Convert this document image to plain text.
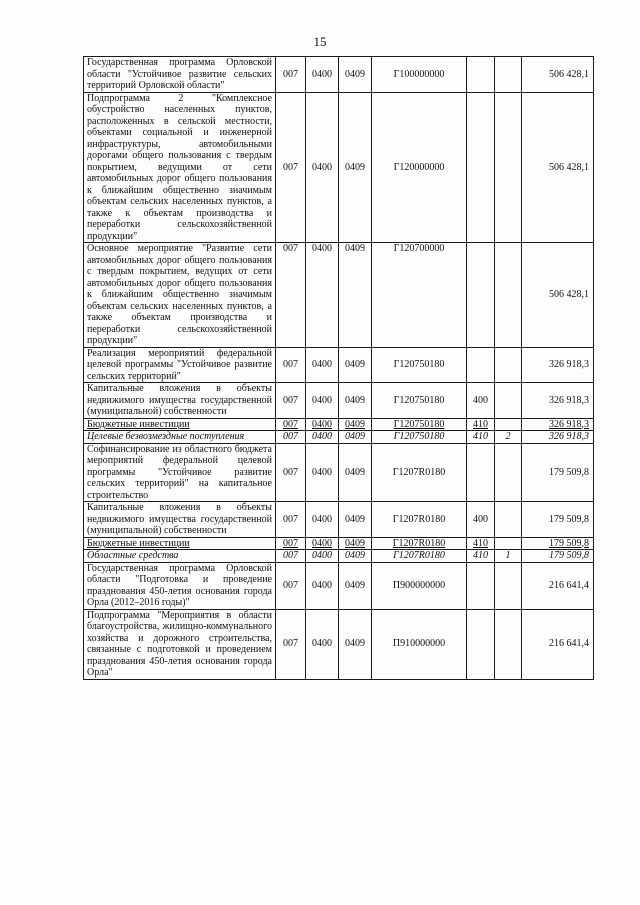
15
Государственная программа Орловской области "Устойчивое развитие сельских территорий Орловской области"	007	0400	0409	Г100000000			506 428,1
Подпрограмма 2 "Комплексное обустройство населенных пунктов, расположенных в сельской местности, объектами социальной и инженерной инфраструктуры, автомобильными дорогами общего пользования с твердым покрытием, ведущими от сети автомобильных дорог общего пользования к ближайшим общественно значимым объектам сельских населенных пунктов, а также к объектам производства и переработки сельскохозяйственной продукции"	007	0400	0409	Г120000000			506 428,1
Основное мероприятие "Развитие сети автомобильных дорог общего пользования с твердым покрытием, ведущих от сети автомобильных дорог общего пользования к ближайшим общественно значимым объектам сельских населенных пунктов, а также объектам производства и переработки сельскохозяйственной продукции"	007	0400	0409	Г120700000			506 428,1
Реализация мероприятий федеральной целевой программы "Устойчивое развитие сельских территорий"	007	0400	0409	Г120750180			326 918,3
Капитальные вложения в объекты недвижимого имущества государственной (муниципальной) собственности	007	0400	0409	Г120750180	400		326 918,3
Бюджетные инвестиции	007	0400	0409	Г120750180	410		326 918,3
Целевые безвозмездные поступления	007	0400	0409	Г120750180	410	2	326 918,3
Софинансирование из областного бюджета мероприятий федеральной целевой программы "Устойчивое развитие сельских территорий" на капитальное строительство	007	0400	0409	Г1207R0180			179 509,8
Капитальные вложения в объекты недвижимого имущества государственной (муниципальной) собственности	007	0400	0409	Г1207R0180	400		179 509,8
Бюджетные инвестиции	007	0400	0409	Г1207R0180	410		179 509,8
Областные средства	007	0400	0409	Г1207R0180	410	1	179 509,8
Государственная программа Орловской области "Подготовка и проведение празднования 450-летия основания города Орла (2012–2016 годы)"	007	0400	0409	П900000000			216 641,4
Подпрограмма "Мероприятия в области благоустройства, жилищно-коммунального хозяйства и дорожного строительства, связанные с подготовкой и проведением празднования 450-летия основания города Орла"	007	0400	0409	П910000000			216 641,4
